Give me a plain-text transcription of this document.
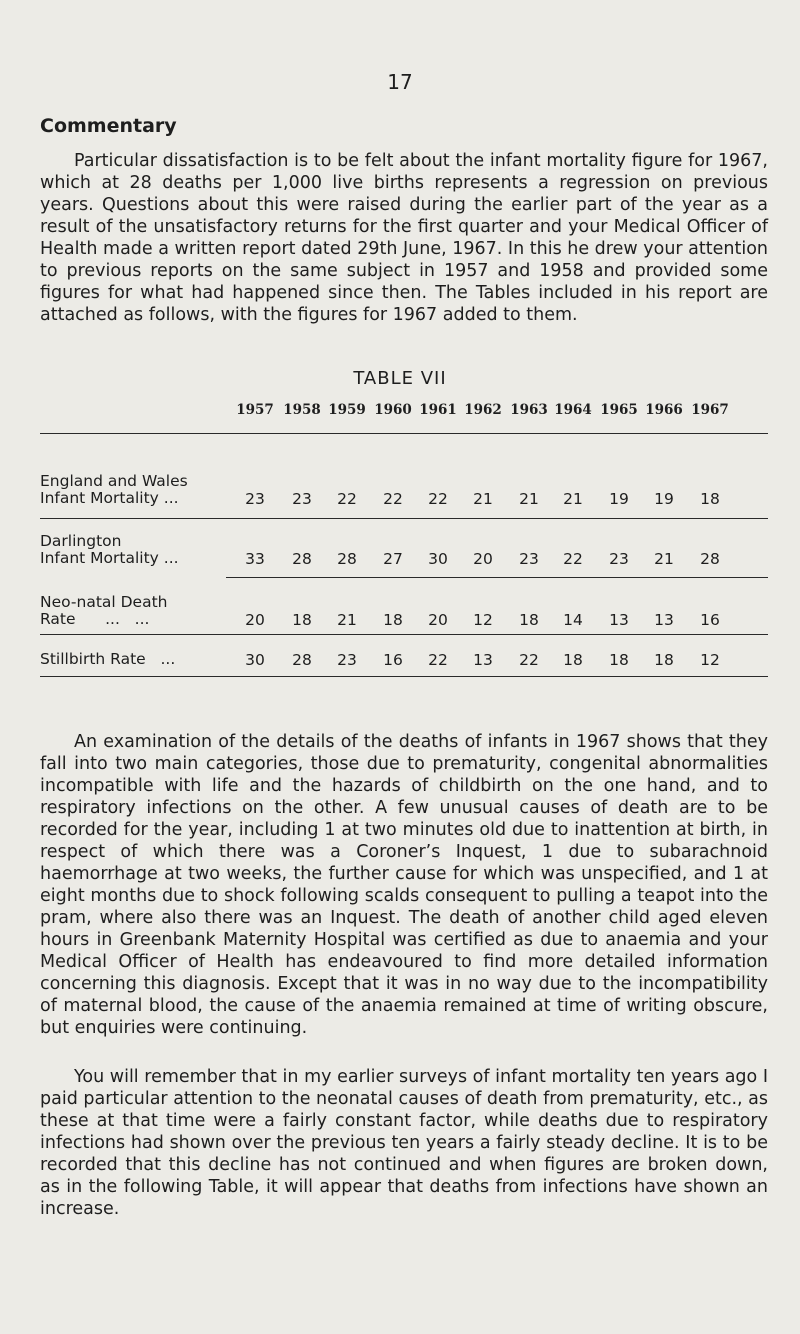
17
Commentary

Particular dissatisfaction is to be felt about the infant mortality figure for 1967, which at 28 deaths per 1,000 live births represents a regression on previous years. Questions about this were raised during the earlier part of the year as a result of the unsatisfactory returns for the first quarter and your Medical Officer of Health made a written report dated 29th June, 1967. In this he drew your attention to previous reports on the same subject in 1957 and 1958 and provided some figures for what had happened since then. The Tables included in his report are attached as follows, with the figures for 1967 added to them.

TABLE VII
1957 1958 1959 1960 1961 1962 1963 1964 1965 1966 1967
England and Wales
Infant Mortality ...	23	23	22	22	22	21	21	21	19	19	18
Darlington
Infant Mortality ...	33	28	28	27	30	20	23	22	23	21	28
Neo-natal Death
Rate      ...   ...	20	18	21	18	20	12	18	14	13	13	16
Stillbirth Rate   ...	30	28	23	16	22	13	22	18	18	18	12

An examination of the details of the deaths of infants in 1967 shows that they fall into two main categories, those due to prematurity, congenital abnormalities incompatible with life and the hazards of childbirth on the one hand, and to respiratory infections on the other. A few unusual causes of death are to be recorded for the year, including 1 at two minutes old due to inattention at birth, in respect of which there was a Coroner’s Inquest, 1 due to subarachnoid haemorrhage at two weeks, the further cause for which was unspecified, and 1 at eight months due to shock following scalds consequent to pulling a teapot into the pram, where also there was an Inquest. The death of another child aged eleven hours in Greenbank Maternity Hospital was certified as due to anaemia and your Medical Officer of Health has endeavoured to find more detailed information concerning this diagnosis. Except that it was in no way due to the incompatibility of maternal blood, the cause of the anaemia remained at time of writing obscure, but enquiries were continuing.

You will remember that in my earlier surveys of infant mortality ten years ago I paid particular attention to the neonatal causes of death from prematurity, etc., as these at that time were a fairly constant factor, while deaths due to respiratory infections had shown over the previous ten years a fairly steady decline. It is to be recorded that this decline has not continued and when figures are broken down, as in the following Table, it will appear that deaths from infections have shown an increase.
